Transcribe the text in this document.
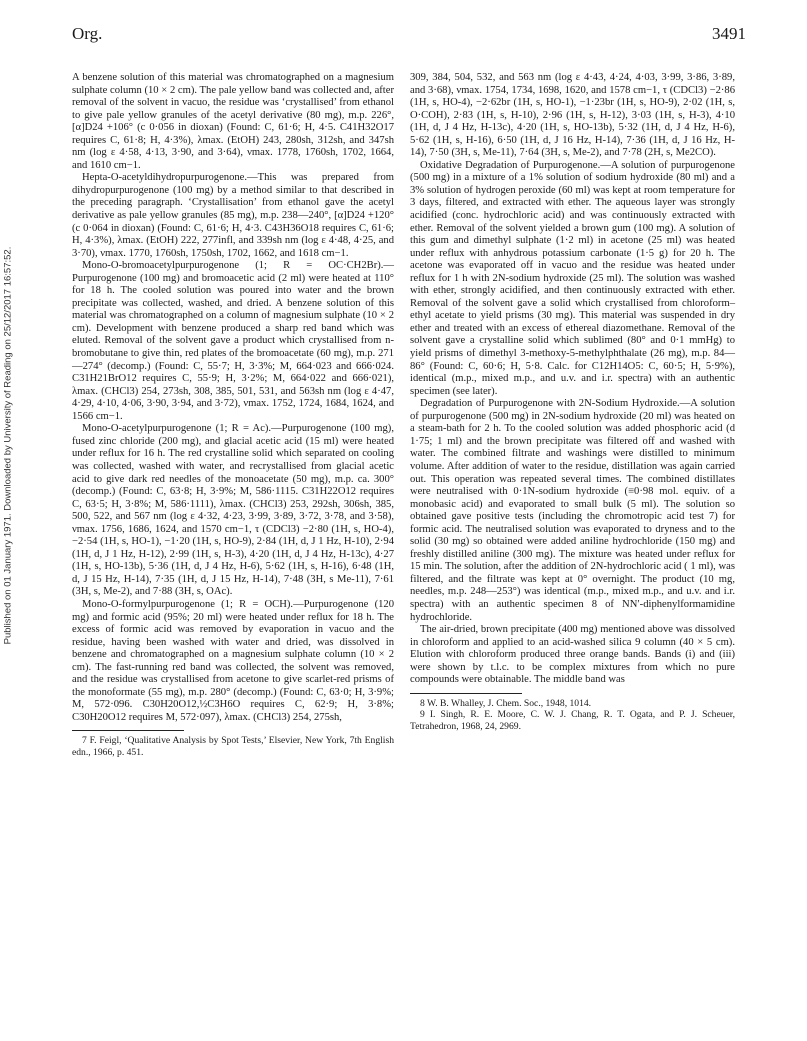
Org.	3491
Published on 01 January 1971. Downloaded by University of Reading on 25/12/2017 16:57:52.

A benzene solution of this material was chromatographed on a magnesium sulphate column (10 × 2 cm). The pale yellow band was collected and, after removal of the solvent in vacuo, the residue was ‘crystallised’ from ethanol to give pale yellow granules of the acetyl derivative (80 mg), m.p. 226°, [α]D24 +106° (c 0·056 in dioxan) (Found: C, 61·6; H, 4·5. C41H32O17 requires C, 61·8; H, 4·3%), λmax. (EtOH) 243, 280sh, 312sh, and 347sh nm (log ε 4·58, 4·13, 3·90, and 3·64), νmax. 1778, 1760sh, 1702, 1664, and 1610 cm−1.

Hepta-O-acetyldihydropurpurogenone.—This was prepared from dihydropurpurogenone (100 mg) by a method similar to that described in the preceding paragraph. ‘Crystallisation’ from ethanol gave the acetyl derivative as pale yellow granules (85 mg), m.p. 238—240°, [α]D24 +120° (c 0·064 in dioxan) (Found: C, 61·6; H, 4·3. C43H36O18 requires C, 61·6; H, 4·3%), λmax. (EtOH) 222, 277infl, and 339sh nm (log ε 4·48, 4·25, and 3·70), νmax. 1770, 1760sh, 1750sh, 1702, 1662, and 1618 cm−1.

Mono-O-bromoacetylpurpurogenone (1; R = OC·CH2Br).—Purpurogenone (100 mg) and bromoacetic acid (2 ml) were heated at 110° for 18 h. The cooled solution was poured into water and the brown precipitate was collected, washed, and dried. A benzene solution of this material was chromatographed on a column of magnesium sulphate (10 × 2 cm). Development with benzene produced a sharp red band which was eluted. Removal of the solvent gave a product which crystallised from n-bromobutane to give thin, red plates of the bromoacetate (60 mg), m.p. 271—274° (decomp.) (Found: C, 55·7; H, 3·3%; M, 664·023 and 666·024. C31H21BrO12 requires C, 55·9; H, 3·2%; M, 664·022 and 666·021), λmax. (CHCl3) 254, 273sh, 308, 385, 501, 531, and 563sh nm (log ε 4·47, 4·29, 4·10, 4·06, 3·90, 3·94, and 3·72), νmax. 1752, 1724, 1684, 1624, and 1566 cm−1.

Mono-O-acetylpurpurogenone (1; R = Ac).—Purpurogenone (100 mg), fused zinc chloride (200 mg), and glacial acetic acid (15 ml) were heated under reflux for 16 h. The red crystalline solid which separated on cooling was collected, washed with water, and recrystallised from glacial acetic acid to give dark red needles of the monoacetate (50 mg), m.p. ca. 300° (decomp.) (Found: C, 63·8; H, 3·9%; M, 586·1115. C31H22O12 requires C, 63·5; H, 3·8%; M, 586·1111), λmax. (CHCl3) 253, 292sh, 306sh, 385, 500, 522, and 567 nm (log ε 4·32, 4·23, 3·99, 3·89, 3·72, 3·78, and 3·58), νmax. 1756, 1686, 1624, and 1570 cm−1, τ (CDCl3) −2·80 (1H, s, HO-4), −2·54 (1H, s, HO-1), −1·20 (1H, s, HO-9), 2·84 (1H, d, J 1 Hz, H-10), 2·94 (1H, d, J 1 Hz, H-12), 2·99 (1H, s, H-3), 4·20 (1H, d, J 4 Hz, H-13c), 4·27 (1H, s, HO-13b), 5·36 (1H, d, J 4 Hz, H-6), 5·62 (1H, s, H-16), 6·48 (1H, d, J 15 Hz, H-14), 7·35 (1H, d, J 15 Hz, H-14), 7·48 (3H, s Me-11), 7·61 (3H, s, Me-2), and 7·88 (3H, s, OAc).

Mono-O-formylpurpurogenone (1; R = OCH).—Purpurogenone (120 mg) and formic acid (95%; 20 ml) were heated under reflux for 18 h. The excess of formic acid was removed by evaporation in vacuo and the residue, having been washed with water and dried, was dissolved in benzene and chromatographed on a magnesium sulphate column (10 × 2 cm). The fast-running red band was collected, the solvent was removed, and the residue was crystallised from acetone to give scarlet-red prisms of the monoformate (55 mg), m.p. 280° (decomp.) (Found: C, 63·0; H, 3·9%; M, 572·096. C30H20O12,½C3H6O requires C, 62·9; H, 3·8%; C30H20O12 requires M, 572·097), λmax. (CHCl3) 254, 275sh,

7 F. Feigl, ‘Qualitative Analysis by Spot Tests,’ Elsevier, New York, 7th English edn., 1966, p. 451.

309, 384, 504, 532, and 563 nm (log ε 4·43, 4·24, 4·03, 3·99, 3·86, 3·89, and 3·68), νmax. 1754, 1734, 1698, 1620, and 1578 cm−1, τ (CDCl3) −2·86 (1H, s, HO-4), −2·62br (1H, s, HO-1), −1·23br (1H, s, HO-9), 2·02 (1H, s, O·COH), 2·83 (1H, s, H-10), 2·96 (1H, s, H-12), 3·03 (1H, s, H-3), 4·10 (1H, d, J 4 Hz, H-13c), 4·20 (1H, s, HO-13b), 5·32 (1H, d, J 4 Hz, H-6), 5·62 (1H, s, H-16), 6·50 (1H, d, J 16 Hz, H-14), 7·36 (1H, d, J 16 Hz, H-14), 7·50 (3H, s, Me-11), 7·64 (3H, s, Me-2), and 7·78 (2H, s, Me2CO).

Oxidative Degradation of Purpurogenone.—A solution of purpurogenone (500 mg) in a mixture of a 1% solution of sodium hydroxide (80 ml) and a 3% solution of hydrogen peroxide (60 ml) was kept at room temperature for 3 days, filtered, and extracted with ether. The aqueous layer was strongly acidified (conc. hydrochloric acid) and was continuously extracted with ether. Removal of the solvent yielded a brown gum (100 mg). A solution of this gum and dimethyl sulphate (1·2 ml) in acetone (25 ml) was heated under reflux with anhydrous potassium carbonate (1·5 g) for 20 h. The acetone was evaporated off in vacuo and the residue was heated under reflux for 1 h with 2N-sodium hydroxide (25 ml). The solution was washed with ether, strongly acidified, and then continuously extracted with ether. Removal of the solvent gave a solid which crystallised from chloroform–ethyl acetate to yield prisms (30 mg). This material was suspended in dry ether and treated with an excess of ethereal diazomethane. Removal of the solvent gave a crystalline solid which sublimed (80° and 0·1 mmHg) to yield prisms of dimethyl 3-methoxy-5-methylphthalate (26 mg), m.p. 84—86° (Found: C, 60·6; H, 5·8. Calc. for C12H14O5: C, 60·5; H, 5·9%), identical (m.p., mixed m.p., and u.v. and i.r. spectra) with an authentic specimen (see later).

Degradation of Purpurogenone with 2N-Sodium Hydroxide.—A solution of purpurogenone (500 mg) in 2N-sodium hydroxide (20 ml) was heated on a steam-bath for 2 h. To the cooled solution was added phosphoric acid (d 1·75; 1 ml) and the brown precipitate was filtered off and washed with water. The combined filtrate and washings were distilled to minimum volume. After addition of water to the residue, distillation was again carried out. This operation was repeated several times. The combined distillates were neutralised with 0·1N-sodium hydroxide (≡0·98 mol. equiv. of a monobasic acid) and evaporated to small bulk (5 ml). The solution so obtained gave positive tests (including the chromotropic acid test 7) for formic acid. The neutralised solution was evaporated to dryness and to the solid (30 mg) so obtained were added aniline hydrochloride (150 mg) and freshly distilled aniline (300 mg). The mixture was heated under reflux for 15 min. The solution, after the addition of 2N-hydrochloric acid ( 1 ml), was filtered, and the filtrate was kept at 0° overnight. The product (10 mg, needles, m.p. 248—253°) was identical (m.p., mixed m.p., and u.v. and i.r. spectra) with an authentic specimen 8 of NN′-diphenylformamidine hydrochloride.

The air-dried, brown precipitate (400 mg) mentioned above was dissolved in chloroform and applied to an acid-washed silica 9 column (40 × 5 cm). Elution with chloroform produced three orange bands. Bands (i) and (iii) were shown by t.l.c. to be complex mixtures from which no pure compounds were obtainable. The middle band was

8 W. B. Whalley, J. Chem. Soc., 1948, 1014.

9 I. Singh, R. E. Moore, C. W. J. Chang, R. T. Ogata, and P. J. Scheuer, Tetrahedron, 1968, 24, 2969.
